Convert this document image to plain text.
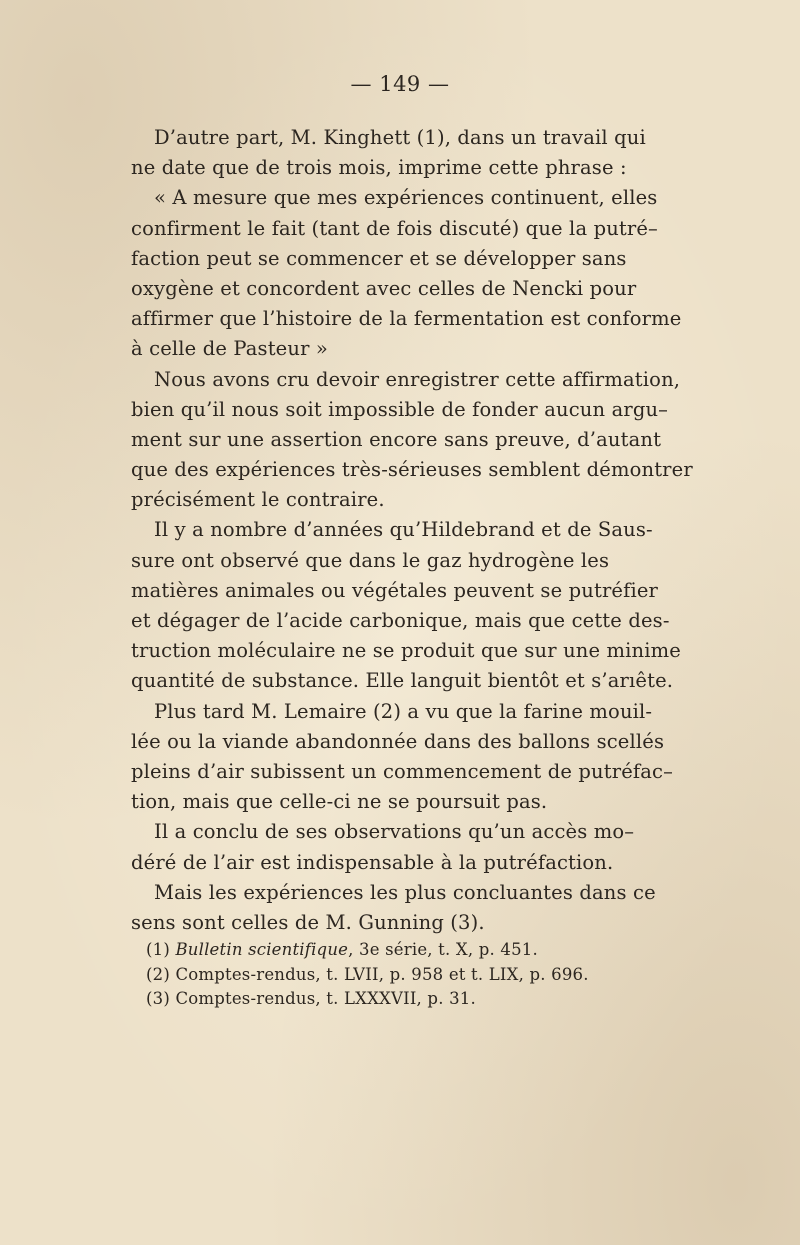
— 149 —
D’autre part, M. Kinghett (1), dans un travail qui
ne date que de trois mois, imprime cette phrase :
« A mesure que mes expériences continuent, elles
confirment le fait (tant de fois discuté) que la putré–
faction peut se commencer et se développer sans
oxygène et concordent avec celles de Nencki pour
affirmer que l’histoire de la fermentation est conforme
à celle de Pasteur »
Nous avons cru devoir enregistrer cette affirmation,
bien qu’il nous soit impossible de fonder aucun argu–
ment sur une assertion encore sans preuve, d’autant
que des expériences très-sérieuses semblent démontrer
précisément le contraire.
Il y a nombre d’années qu’Hildebrand et de Saus-
sure ont observé que dans le gaz hydrogène les
matières animales ou végétales peuvent se putréfier
et dégager de l’acide carbonique, mais que cette des-
truction moléculaire ne se produit que sur une minime
quantité de substance. Elle languit bientôt et s’arıête.
Plus tard M. Lemaire (2) a vu que la farine mouil-
lée ou la viande abandonnée dans des ballons scellés
pleins d’air subissent un commencement de putréfac–
tion, mais que celle-ci ne se poursuit pas.
Il a conclu de ses observations qu’un accès mo–
déré de l’air est indispensable à la putréfaction.
Mais les expériences les plus concluantes dans ce
sens sont celles de M. Gunning (3).
(1) Bulletin scientifique, 3e série, t. X, p. 451.
(2) Comptes-rendus, t. LVII, p. 958 et t. LIX, p. 696.
(3) Comptes-rendus, t. LXXXVII, p. 31.
